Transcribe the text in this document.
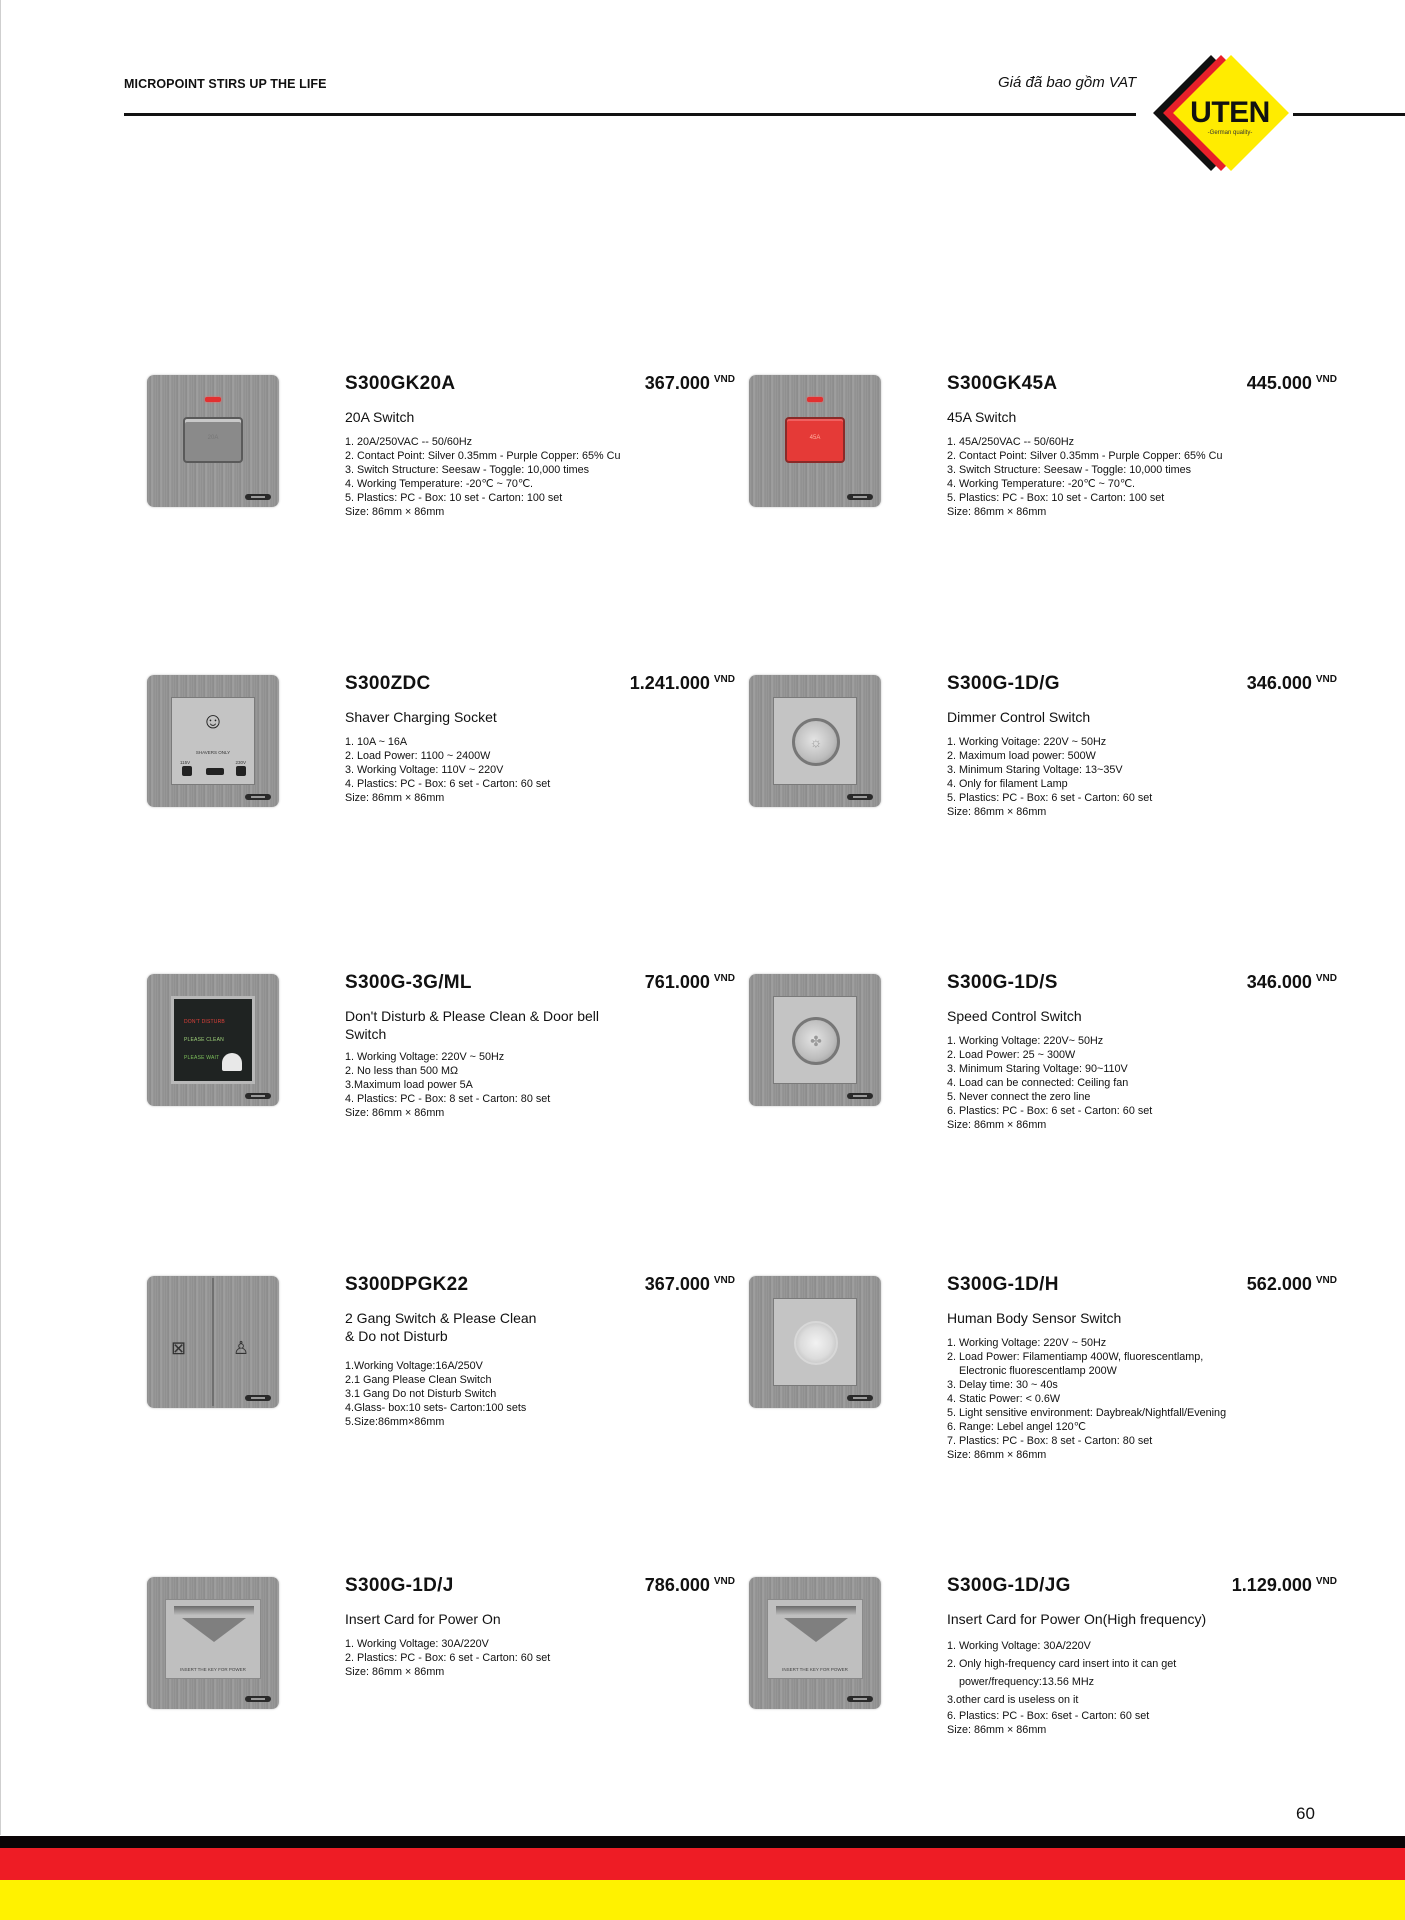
MICROPOINT STIRS UP THE LIFE	Giá đã bao gồm VAT
UTEN
-German quality-
20A
S300GK20A	367.000 $^{VND}$
20A Switch
1. 20A/250VAC -- 50/60Hz
2. Contact Point: Silver 0.35mm - Purple Copper: 65% Cu
3. Switch Structure: Seesaw - Toggle: 10,000 times
4. Working Temperature: -20℃ ~ 70℃.
5. Plastics: PC - Box: 10 set - Carton: 100 set
Size: 86mm × 86mm
45A
S300GK45A	445.000 $^{VND}$
45A Switch
1. 45A/250VAC -- 50/60Hz
2. Contact Point: Silver 0.35mm - Purple Copper: 65% Cu
3. Switch Structure: Seesaw - Toggle: 10,000 times
4. Working Temperature: -20℃ ~ 70℃.
5. Plastics: PC - Box: 10 set - Carton: 100 set
Size: 86mm × 86mm
☺
SHAVERS ONLY
115V	230V
S300ZDC	1.241.000 $^{VND}$
Shaver Charging Socket
1. 10A ~ 16A
2. Load Power: 1100 ~ 2400W
3. Working Voltage: 110V ~ 220V
4. Plastics: PC - Box: 6 set - Carton: 60 set
Size: 86mm × 86mm
☼
S300G-1D/G	346.000 $^{VND}$
Dimmer Control Switch
1. Working Voitage: 220V ~ 50Hz
2. Maximum load power: 500W
3. Minimum Staring Voltage: 13~35V
4. Only for filament Lamp
5. Plastics: PC - Box: 6 set - Carton: 60 set
Size: 86mm × 86mm
DON'T DISTURB
PLEASE CLEAN
PLEASE WAIT
S300G-3G/ML	761.000 $^{VND}$
Don't Disturb & Please Clean & Door bell Switch
1. Working Voltage: 220V ~ 50Hz
2. No less than 500 MΩ
3.Maximum load power 5A
4. Plastics: PC - Box: 8 set - Carton: 80 set
Size: 86mm × 86mm
✤
S300G-1D/S	346.000 $^{VND}$
Speed Control Switch
1. Working Voltage: 220V~ 50Hz
2. Load Power: 25 ~ 300W
3. Minimum Staring Voltage: 90~110V
4. Load can be connected: Ceiling fan
5. Never connect the zero line
6. Plastics: PC - Box: 6 set - Carton: 60 set
Size: 86mm × 86mm
⊠	♙
S300DPGK22	367.000 $^{VND}$
2 Gang Switch & Please Clean & Do not Disturb
1.Working Voltage:16A/250V
2.1 Gang Please Clean Switch
3.1 Gang Do not Disturb Switch
4.Glass- box:10 sets- Carton:100 sets
5.Size:86mm×86mm
S300G-1D/H	562.000 $^{VND}$
Human Body Sensor Switch
1. Working Voltage: 220V ~ 50Hz
2. Load Power: Filamentiamp 400W, fluorescentlamp,
Electronic fluorescentlamp 200W
3. Delay time: 30 ~ 40s
4. Static Power: < 0.6W
5. Light sensitive environment: Daybreak/Nightfall/Evening
6. Range: Lebel angel 120℃
7. Plastics: PC - Box: 8 set - Carton: 80 set
Size: 86mm × 86mm
INSERT THE KEY FOR POWER
S300G-1D/J	786.000 $^{VND}$
Insert Card for Power On
1. Working Voltage: 30A/220V
2. Plastics: PC - Box: 6 set - Carton: 60 set
Size: 86mm × 86mm	INSERT THE KEY FOR POWER
S300G-1D/JG	1.129.000 $^{VND}$
Insert Card for Power On(High frequency)
1. Working Voltage: 30A/220V
2. Only high-frequency card insert into it can get
power/frequency:13.56 MHz
3.other card is useless on it
6. Plastics: PC - Box: 6set - Carton: 60 set
Size: 86mm × 86mm
60
